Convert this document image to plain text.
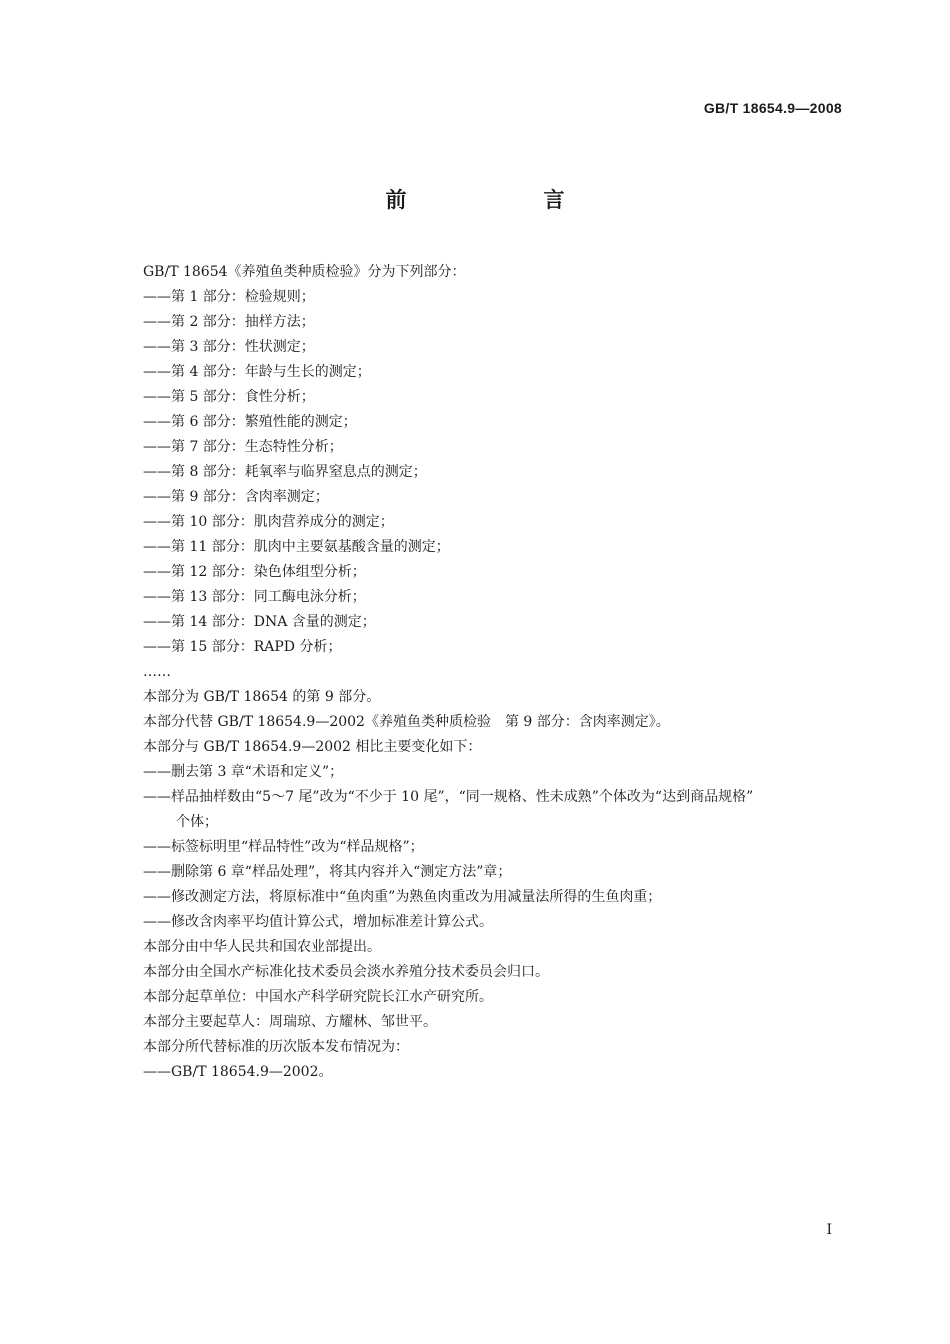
GB/T 18654.9—2008
前　言
GB/T 18654《养殖鱼类种质检验》分为下列部分：
——第 1 部分：检验规则；
——第 2 部分：抽样方法；
——第 3 部分：性状测定；
——第 4 部分：年龄与生长的测定；
——第 5 部分：食性分析；
——第 6 部分：繁殖性能的测定；
——第 7 部分：生态特性分析；
——第 8 部分：耗氧率与临界窒息点的测定；
——第 9 部分：含肉率测定；
——第 10 部分：肌肉营养成分的测定；
——第 11 部分：肌肉中主要氨基酸含量的测定；
——第 12 部分：染色体组型分析；
——第 13 部分：同工酶电泳分析；
——第 14 部分：DNA 含量的测定；
——第 15 部分：RAPD 分析；
……
本部分为 GB/T 18654 的第 9 部分。
本部分代替 GB/T 18654.9—2002《养殖鱼类种质检验　第 9 部分：含肉率测定》。
本部分与 GB/T 18654.9—2002 相比主要变化如下：
——删去第 3 章“术语和定义”；
——样品抽样数由“5～7 尾”改为“不少于 10 尾”，“同一规格、性未成熟”个体改为“达到商品规格”
个体；
——标签标明里“样品特性”改为“样品规格”；
——删除第 6 章“样品处理”，将其内容并入“测定方法”章；
——修改测定方法，将原标准中“鱼肉重”为熟鱼肉重改为用减量法所得的生鱼肉重；
——修改含肉率平均值计算公式，增加标准差计算公式。
本部分由中华人民共和国农业部提出。
本部分由全国水产标准化技术委员会淡水养殖分技术委员会归口。
本部分起草单位：中国水产科学研究院长江水产研究所。
本部分主要起草人：周瑞琼、方耀林、邹世平。
本部分所代替标准的历次版本发布情况为：
——GB/T 18654.9—2002。
I
